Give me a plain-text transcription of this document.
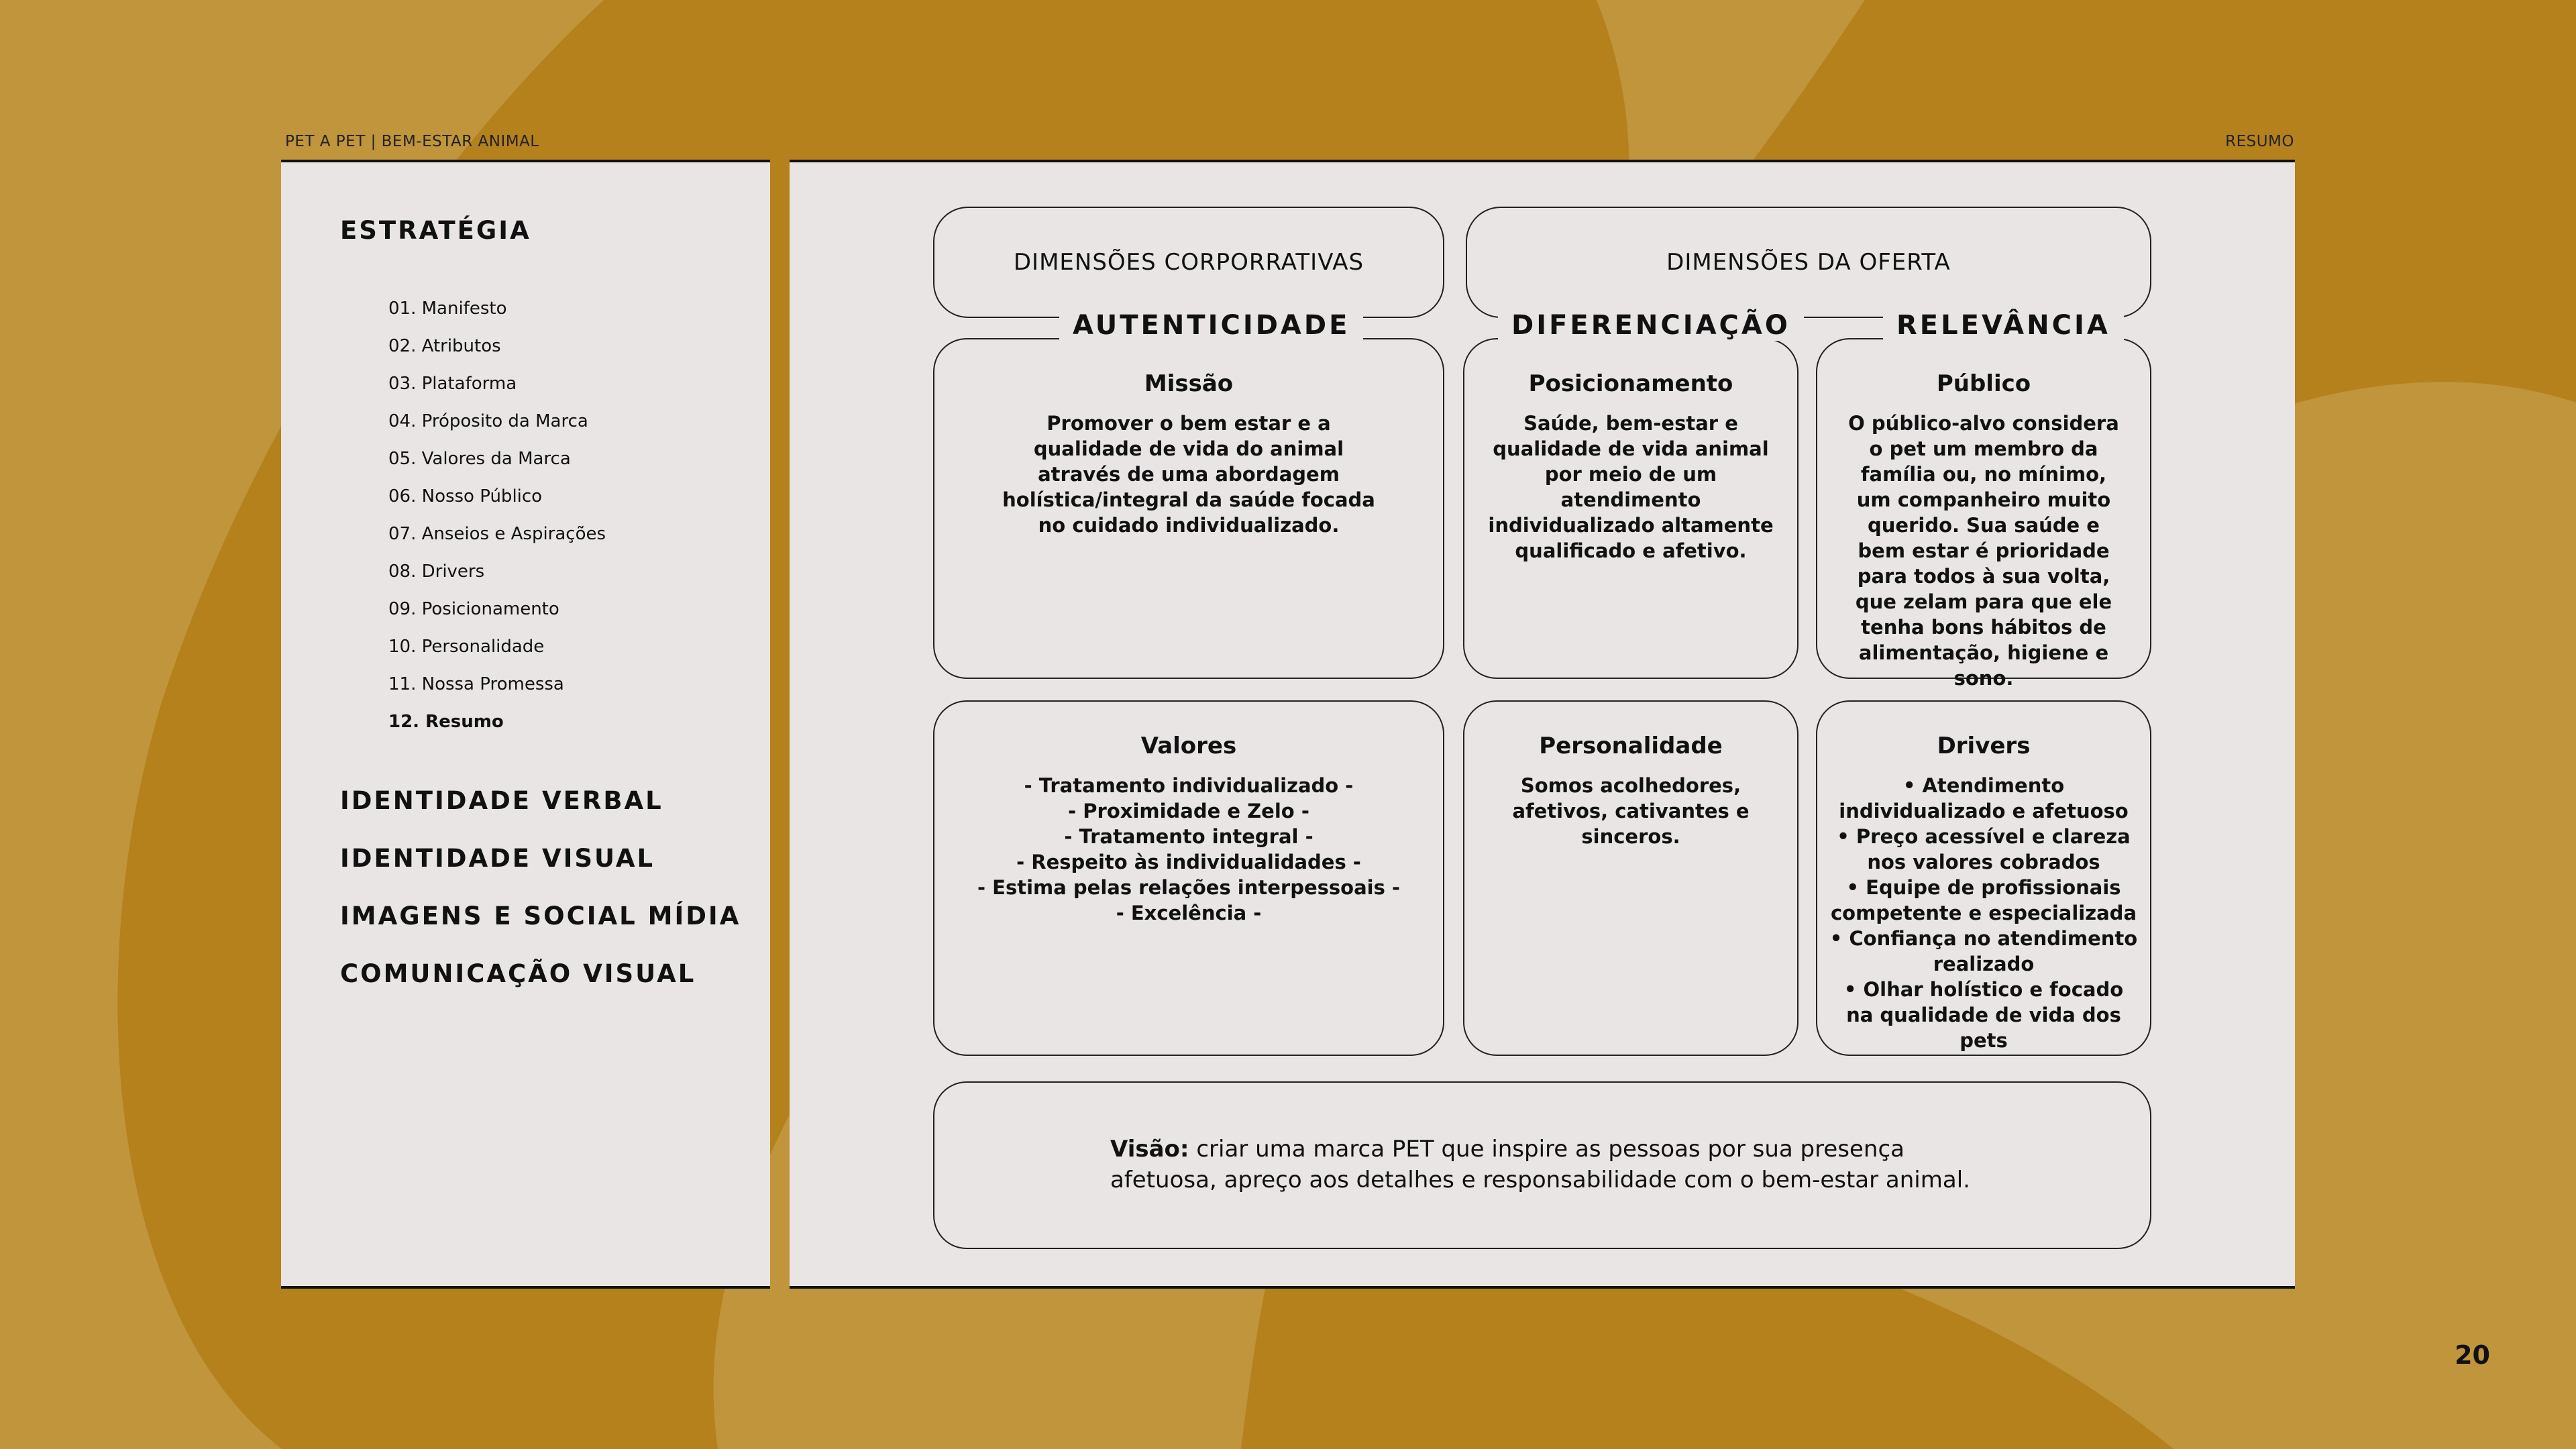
PET A PET | BEM-ESTAR ANIMAL	RESUMO
ESTRATÉGIA
01. Manifesto
02. Atributos
03. Plataforma
04. Próposito da Marca
05. Valores da Marca
06. Nosso Público
07. Anseios e Aspirações
08. Drivers
09. Posicionamento
10. Personalidade
11. Nossa Promessa
12. Resumo
IDENTIDADE VERBAL
IDENTIDADE VISUAL
IMAGENS E SOCIAL MÍDIA
COMUNICAÇÃO VISUAL
DIMENSÕES CORPORRATIVAS	DIMENSÕES DA OFERTA
Missão

Promover o bem estar e a qualidade de vida do animal através de uma abordagem holística/integral da saúde focada no cuidado individualizado.

Posicionamento

Saúde, bem-estar e qualidade de vida animal por meio de um atendimento individualizado altamente qualificado e afetivo.

Público

O público-alvo considera o pet um membro da família ou, no mínimo, um companheiro muito querido. Sua saúde e bem estar é prioridade para todos à sua volta, que zelam para que ele tenha bons hábitos de alimentação, higiene e sono.

AUTENTICIDADE	DIFERENCIAÇÃO	RELEVÂNCIA
Valores
- Tratamento individualizado -
- Proximidade e Zelo -
- Tratamento integral -
- Respeito às individualidades -
- Estima pelas relações interpessoais -
- Excelência -
Personalidade

Somos acolhedores, afetivos, cativantes e sinceros.

Drivers
• Atendimento individualizado e afetuoso
• Preço acessível e clareza nos valores cobrados
• Equipe de profissionais competente e especializada
• Confiança no atendimento realizado
• Olhar holístico e focado na qualidade de vida dos pets
Visão: criar uma marca PET que inspire as pessoas por sua presença afetuosa, apreço aos detalhes e responsabilidade com o bem-estar animal.
20
